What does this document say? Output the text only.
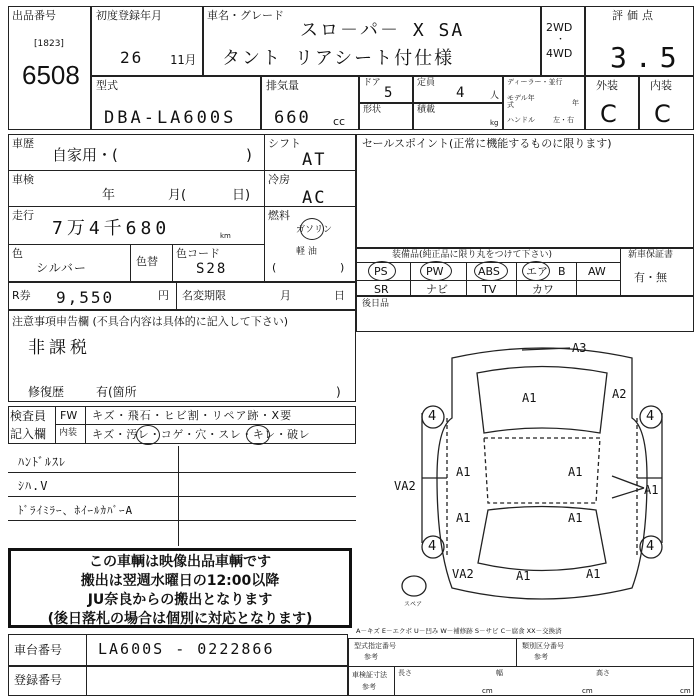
出品番号
[1823]
6508
初度登録年月
26 11月
車名・グレード
スロ－パ－ X SA
タント リアシート付仕様
2WD
・
4WD
評価点
3.5
型式
DBA-LA600S
排気量
660 cc
ドア
5
定員
4	人
形状	積載
kg
ディーラー・並行
モデル年式	年
ハンドル	左・右
外装
C
内装
C
車歴
自家用・(	)
車検
年	月(	日)
走行
7万4千680	km
色
シルバー	色替
色コード
S28
シフト
AT
冷房
AC
燃料
ガソリン
軽 油
(	)
R券 9,550	円 名変期限	月	日
注意事項申告欄 (不具合内容は具体的に記入して下さい)
非課税
修復歴	有(箇所	)
検査員
記入欄
FW キズ・飛石・ヒビ割・リペア跡・X要
内装 キズ・汚レ・コゲ・穴・スレ・キレ・破レ
ﾊﾝﾄﾞﾙｽﾚ
ｼﾊ.V
ﾄﾞﾗｲﾐﾗｰ、ﾎｲｰﾙｶﾊﾞｰA
この車輌は映像出品車輌です
搬出は翌週水曜日の12:00以降
JU奈良からの搬出となります
(後日落札の場合は個別に対応となります)
セールスポイント(正常に機能するものに限ります)
装備品(純正品に限り丸をつけて下さい)	新車保証書
有・無
PS	PW	ABS エア B AW
SR	ナビ	TV	カワ
後日品
A3
A2
A1
A1	A1
A1	A1
A1	A1
VA2
VA2
A1
4	4
4	4
スペア
A－キズ E－エクボ U－凹み W－補修跡 S－サビ C－腐食 XX－交換済
車台番号 LA600S - 0222866
登録番号
型式指定番号
参考
類別区分番号
参考
車検証寸法
参考
長さ	幅	高さ
cm	cm	cm
